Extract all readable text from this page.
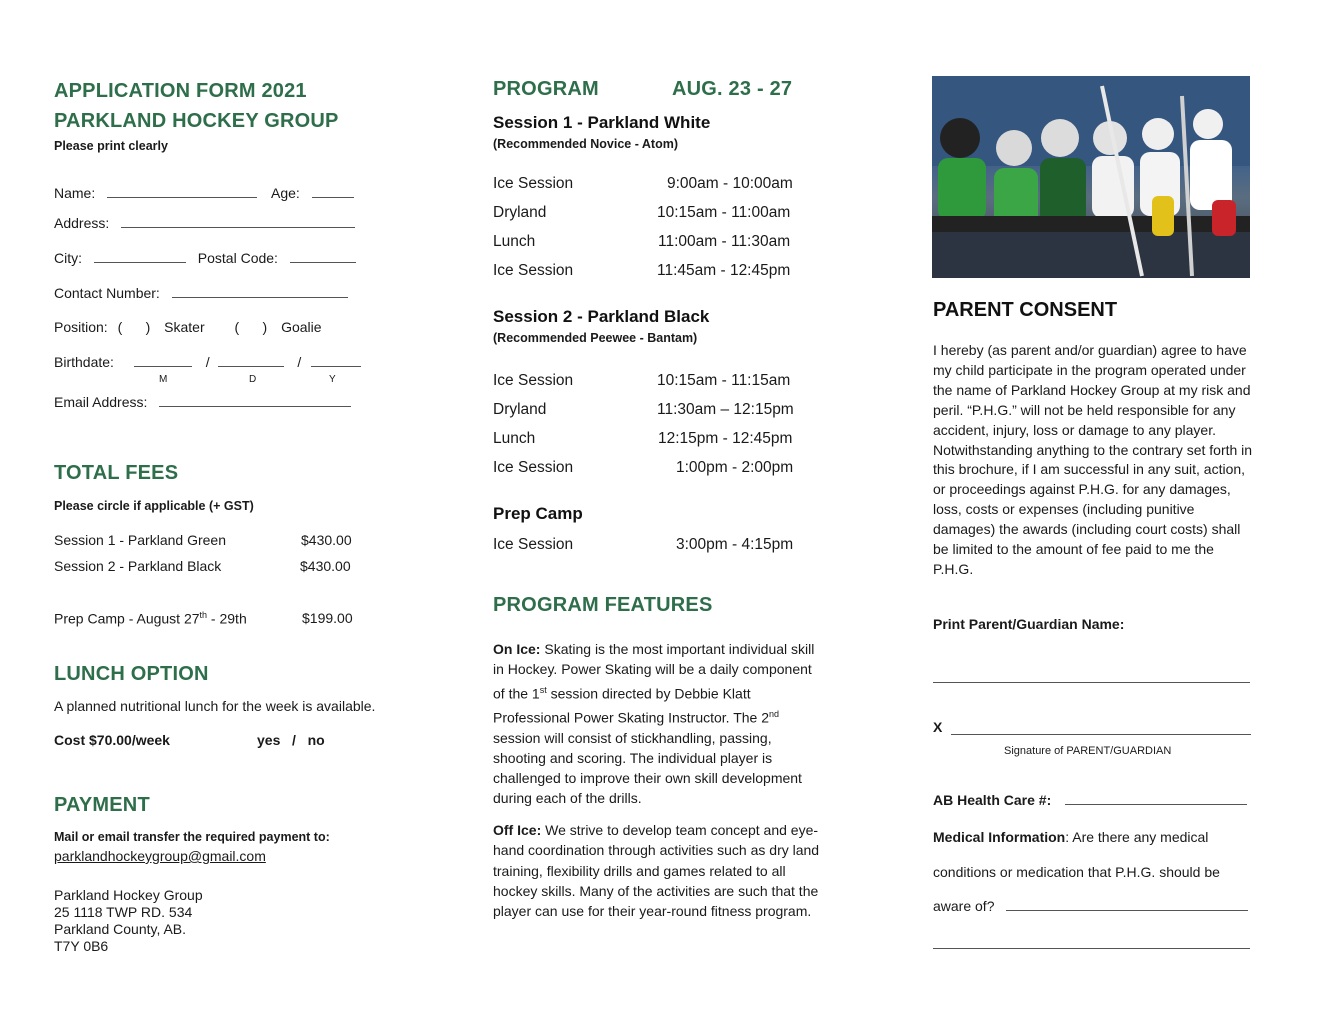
APPLICATION FORM 2021
PARKLAND HOCKEY GROUP
Please print clearly
Name:	Age:
Address:
City:	Postal Code:
Contact Number:
Position: (      ) Skater (      ) Goalie
Birthdate:	/	/
M	D	Y
Email Address:
TOTAL FEES
Please circle if applicable (+ GST)
Session 1 - Parkland Green	$430.00
Session 2 - Parkland Black	$430.00
Prep Camp - August 27th - 29th	$199.00
LUNCH OPTION
A planned nutritional lunch for the week is available.
Cost $70.00/week	yes   /   no
PAYMENT
Mail or email transfer the required payment to:
parklandhockeygroup@gmail.com
Parkland Hockey Group
25 1118 TWP RD. 534
Parkland County, AB.
T7Y 0B6
PROGRAM	AUG. 23 - 27
Session 1 - Parkland White
(Recommended Novice - Atom)
Ice Session	9:00am - 10:00am
Dryland	10:15am - 11:00am
Lunch	11:00am - 11:30am
Ice Session	11:45am - 12:45pm
Session 2 - Parkland Black
(Recommended Peewee - Bantam)
Ice Session	10:15am - 11:15am
Dryland	11:30am – 12:15pm
Lunch	12:15pm - 12:45pm
Ice Session	1:00pm - 2:00pm
Prep Camp
Ice Session	3:00pm - 4:15pm
PROGRAM FEATURES
On Ice: Skating is the most important individual skill in Hockey. Power Skating will be a daily component of the 1st session directed by Debbie Klatt Professional Power Skating Instructor. The 2nd session will consist of stickhandling, passing, shooting and scoring. The individual player is challenged to improve their own skill development during each of the drills.
Off Ice: We strive to develop team concept and eye-hand coordination through activities such as dry land training, flexibility drills and games related to all hockey skills. Many of the activities are such that the player can use for their year-round fitness program.
PARENT CONSENT
I hereby (as parent and/or guardian) agree to have my child participate in the program operated under the name of Parkland Hockey Group at my risk and peril. “P.H.G.” will not be held responsible for any accident, injury, loss or damage to any player. Notwithstanding anything to the contrary set forth in this brochure, if I am successful in any suit, action, or proceedings against P.H.G. for any damages, loss, costs or expenses (including punitive damages) the awards (including court costs) shall be limited to the amount of fee paid to me the P.H.G.
Print Parent/Guardian Name:
X
Signature of PARENT/GUARDIAN
AB Health Care #:
Medical Information: Are there any medical
conditions or medication that P.H.G. should be
aware of?
